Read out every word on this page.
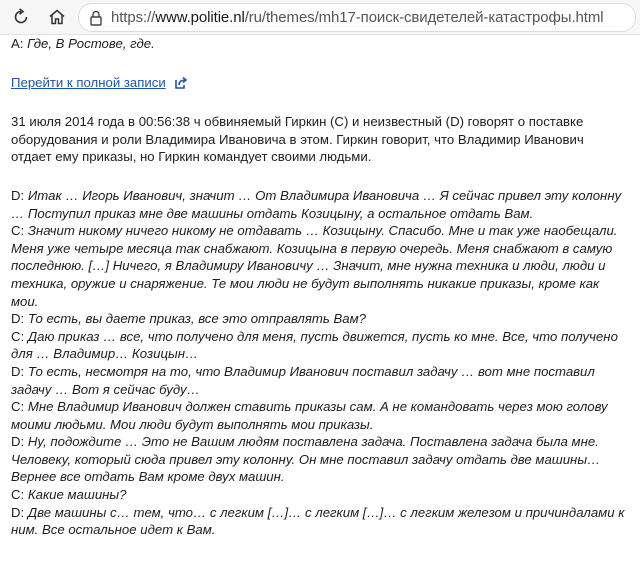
https://www.politie.nl/ru/themes/mh17-поиск-свидетелей-катастрофы.html
A: Где, В Ростове, где.
Перейти к полной записи
31 июля 2014 года в 00:56:38 ч обвиняемый Гиркин (C) и неизвестный (D) говорят о поставке
оборудования и роли Владимира Ивановича в этом. Гиркин говорит, что Владимир Иванович
отдает ему приказы, но Гиркин командует своими людьми.
D: Итак … Игорь Иванович, значит … От Владимира Ивановича … Я сейчас привел эту колонну
… Поступил приказ мне две машины отдать Козицыну, а остальное отдать Вам.
C: Значит никому ничего никому не отдавать … Козицыну. Спасибо. Мне и так уже наобещали.
Меня уже четыре месяца так снабжают. Козицына в первую очередь. Меня снабжают в самую
последнюю. […] Ничего, я Владимиру Ивановичу … Значит, мне нужна техника и люди, люди и
техника, оружие и снаряжение. Те мои люди не будут выполнять никакие приказы, кроме как
мои.
D: То есть, вы даете приказ, все это отправлять Вам?
C: Даю приказ … все, что получено для меня, пусть движется, пусть ко мне. Все, что получено
для … Владимир… Козицын…
D: То есть, несмотря на то, что Владимир Иванович поставил задачу … вот мне поставил
задачу … Вот я сейчас буду…
C: Мне Владимир Иванович должен ставить приказы сам. А не командовать через мою голову
моими людьми. Мои люди будут выполнять мои приказы.
D: Ну, подождите … Это не Вашим людям поставлена задача. Поставлена задача была мне.
Человеку, который сюда привел эту колонну. Он мне поставил задачу отдать две машины…
Вернее все отдать Вам кроме двух машин.
C: Какие машины?
D: Две машины с… тем, что… с легким […]… с легким […]… с легким железом и причиндалами к
ним. Все остальное идет к Вам.
